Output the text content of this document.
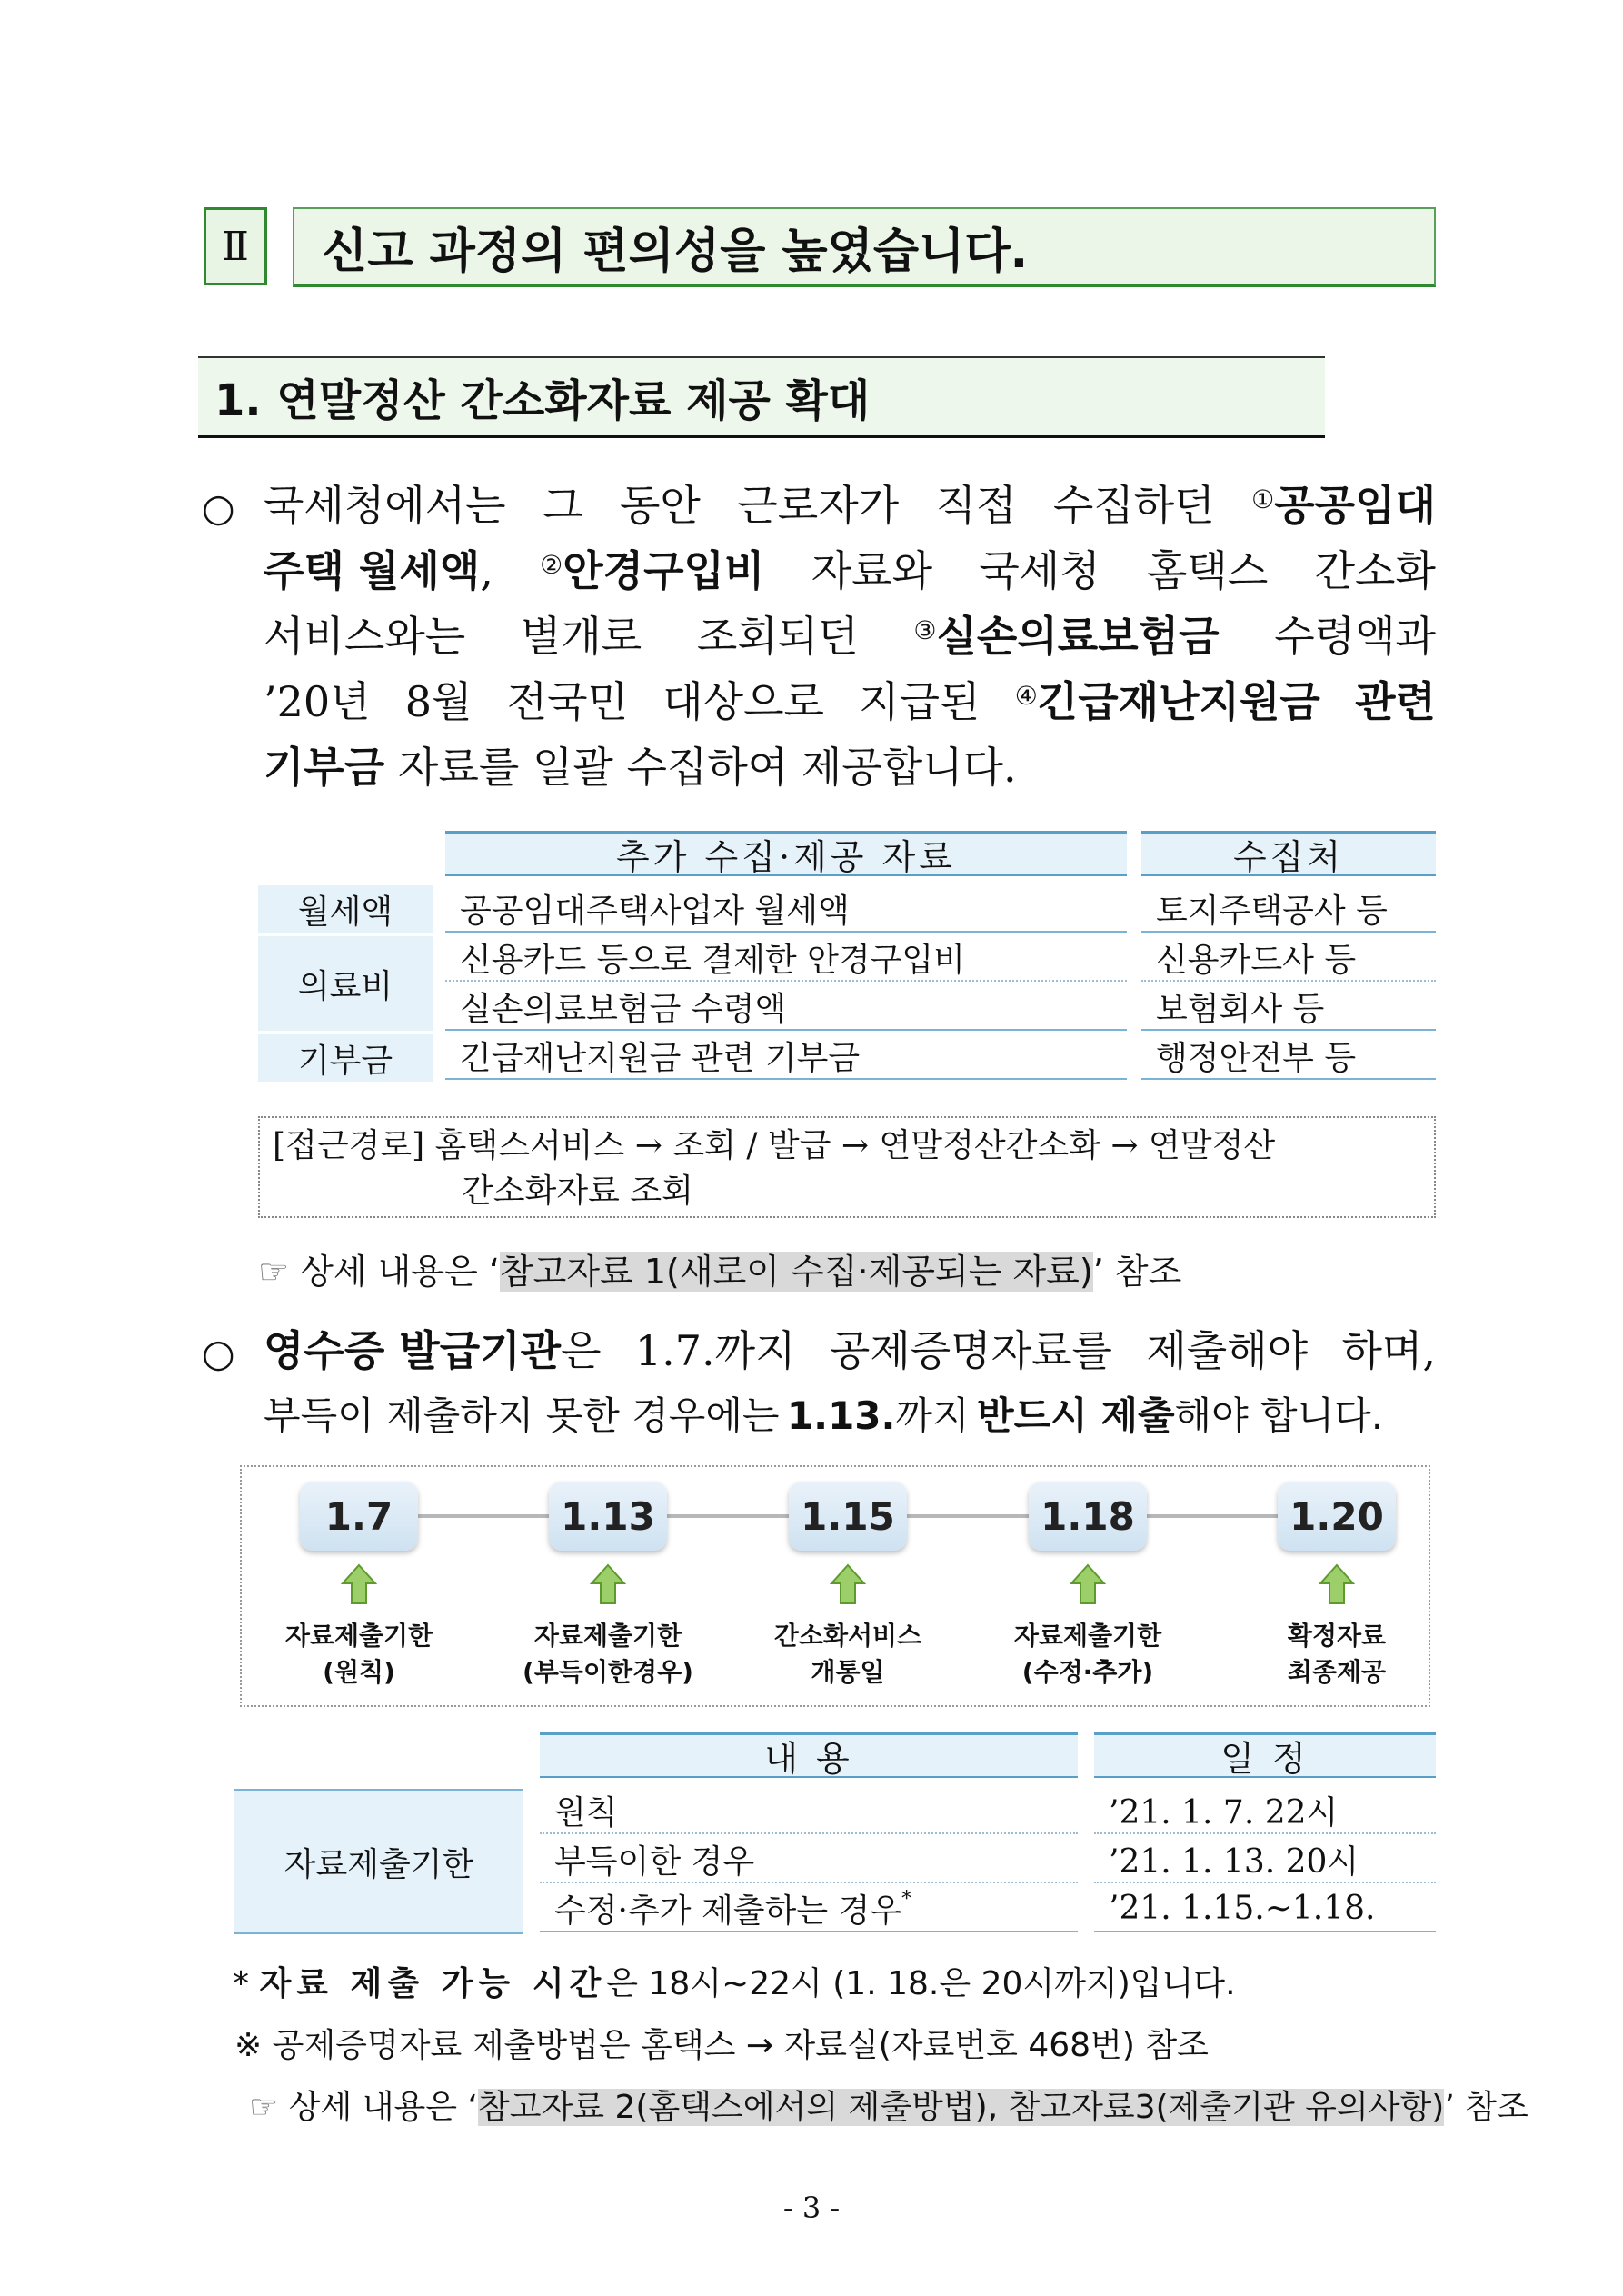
Ⅱ	신고 과정의 편의성을 높였습니다.
1. 연말정산 간소화자료 제공 확대
○ 국세청에서는 그 동안 근로자가 직접 수집하던 ①공공임대
주택 월세액, ②안경구입비 자료와 국세청 홈택스 간소화
서비스와는 별개로 조회되던 ③실손의료보험금 수령액과
’20년 8월 전국민 대상으로 지급된 ④긴급재난지원금 관련
기부금 자료를 일괄 수집하여 제공합니다.
추가 수집·제공 자료	수집처
월세액	공공임대주택사업자 월세액	토지주택공사 등
의료비
신용카드 등으로 결제한 안경구입비	신용카드사 등
실손의료보험금 수령액	보험회사 등
기부금	긴급재난지원금 관련 기부금	행정안전부 등
[접근경로] 홈택스서비스 → 조회 / 발급 → 연말정산간소화 → 연말정산
간소화자료 조회
☞ 상세 내용은 ‘참고자료 1(새로이 수집·제공되는 자료)’ 참조
○ 영수증 발급기관은 1.7.까지 공제증명자료를 제출해야 하며,
부득이 제출하지 못한 경우에는 1.13.까지 반드시 제출해야 합니다.
1.7	1.13	1.15	1.18	1.20
자료제출기한
(원칙)
자료제출기한
(부득이한경우)
간소화서비스
개통일
자료제출기한
(수정·추가)
확정자료
최종제공
내 용	일 정
자료제출기한
원칙	’21. 1. 7. 22시
부득이한 경우	’21. 1. 13. 20시
수정·추가 제출하는 경우 *	’21. 1.15.∼1.18.
* 자료 제출 가능 시간은 18시∼22시 (1. 18.은 20시까지)입니다.
※ 공제증명자료 제출방법은 홈택스 → 자료실(자료번호 468번) 참조
☞ 상세 내용은 ‘참고자료 2(홈택스에서의 제출방법), 참고자료3(제출기관 유의사항)’ 참조
- 3 -
